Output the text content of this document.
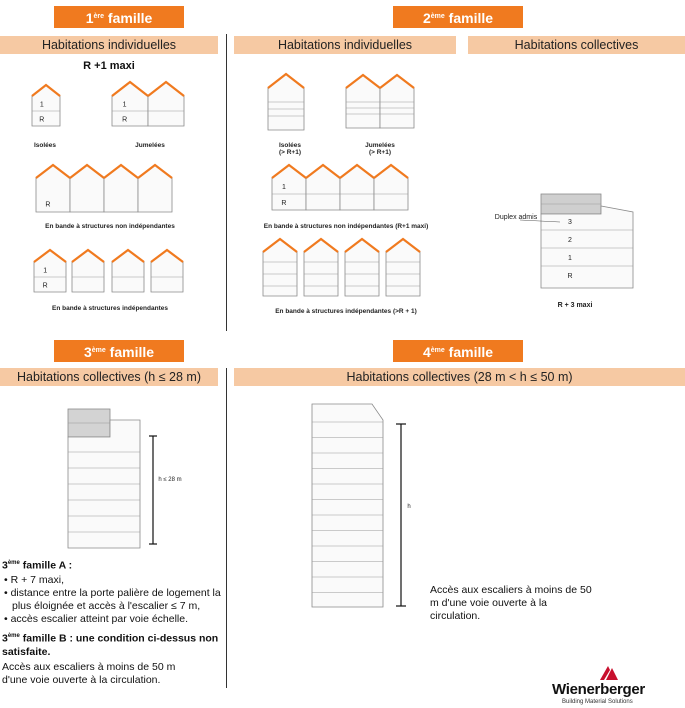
1ère famille	2ème famille
3ème famille	4ème famille
Habitations individuelles	Habitations individuelles	Habitations collectives
Habitations collectives (h ≤ 28 m)	Habitations collectives (28 m < h ≤ 50 m)
R +1 maxi
1
R
1
R
R
1
R
Isolées	Jumelées
En bande à structures non indépendantes
En bande à structures indépendantes
1
R
Isolées
(> R+1)
Jumelées
(> R+1)
En bande à structures non indépendantes (R+1 maxi)
En bande à structures indépendantes (>R + 1)
3
2
1
R
Duplex admis
R + 3 maxi
h ≤ 28 m
3ème famille A :
• R + 7 maxi,
• distance entre la porte palière de logement la plus éloignée et accès à l'escalier ≤ 7 m,
• accès escalier atteint par voie échelle.
3ème famille B : une condition ci-dessus non satisfaite.
Accès aux escaliers à moins de 50 m d'une voie ouverte à la circulation.
h
Accès aux escaliers à moins de 50 m d'une voie ouverte à la circulation.
Wienerberger
Building Material Solutions
